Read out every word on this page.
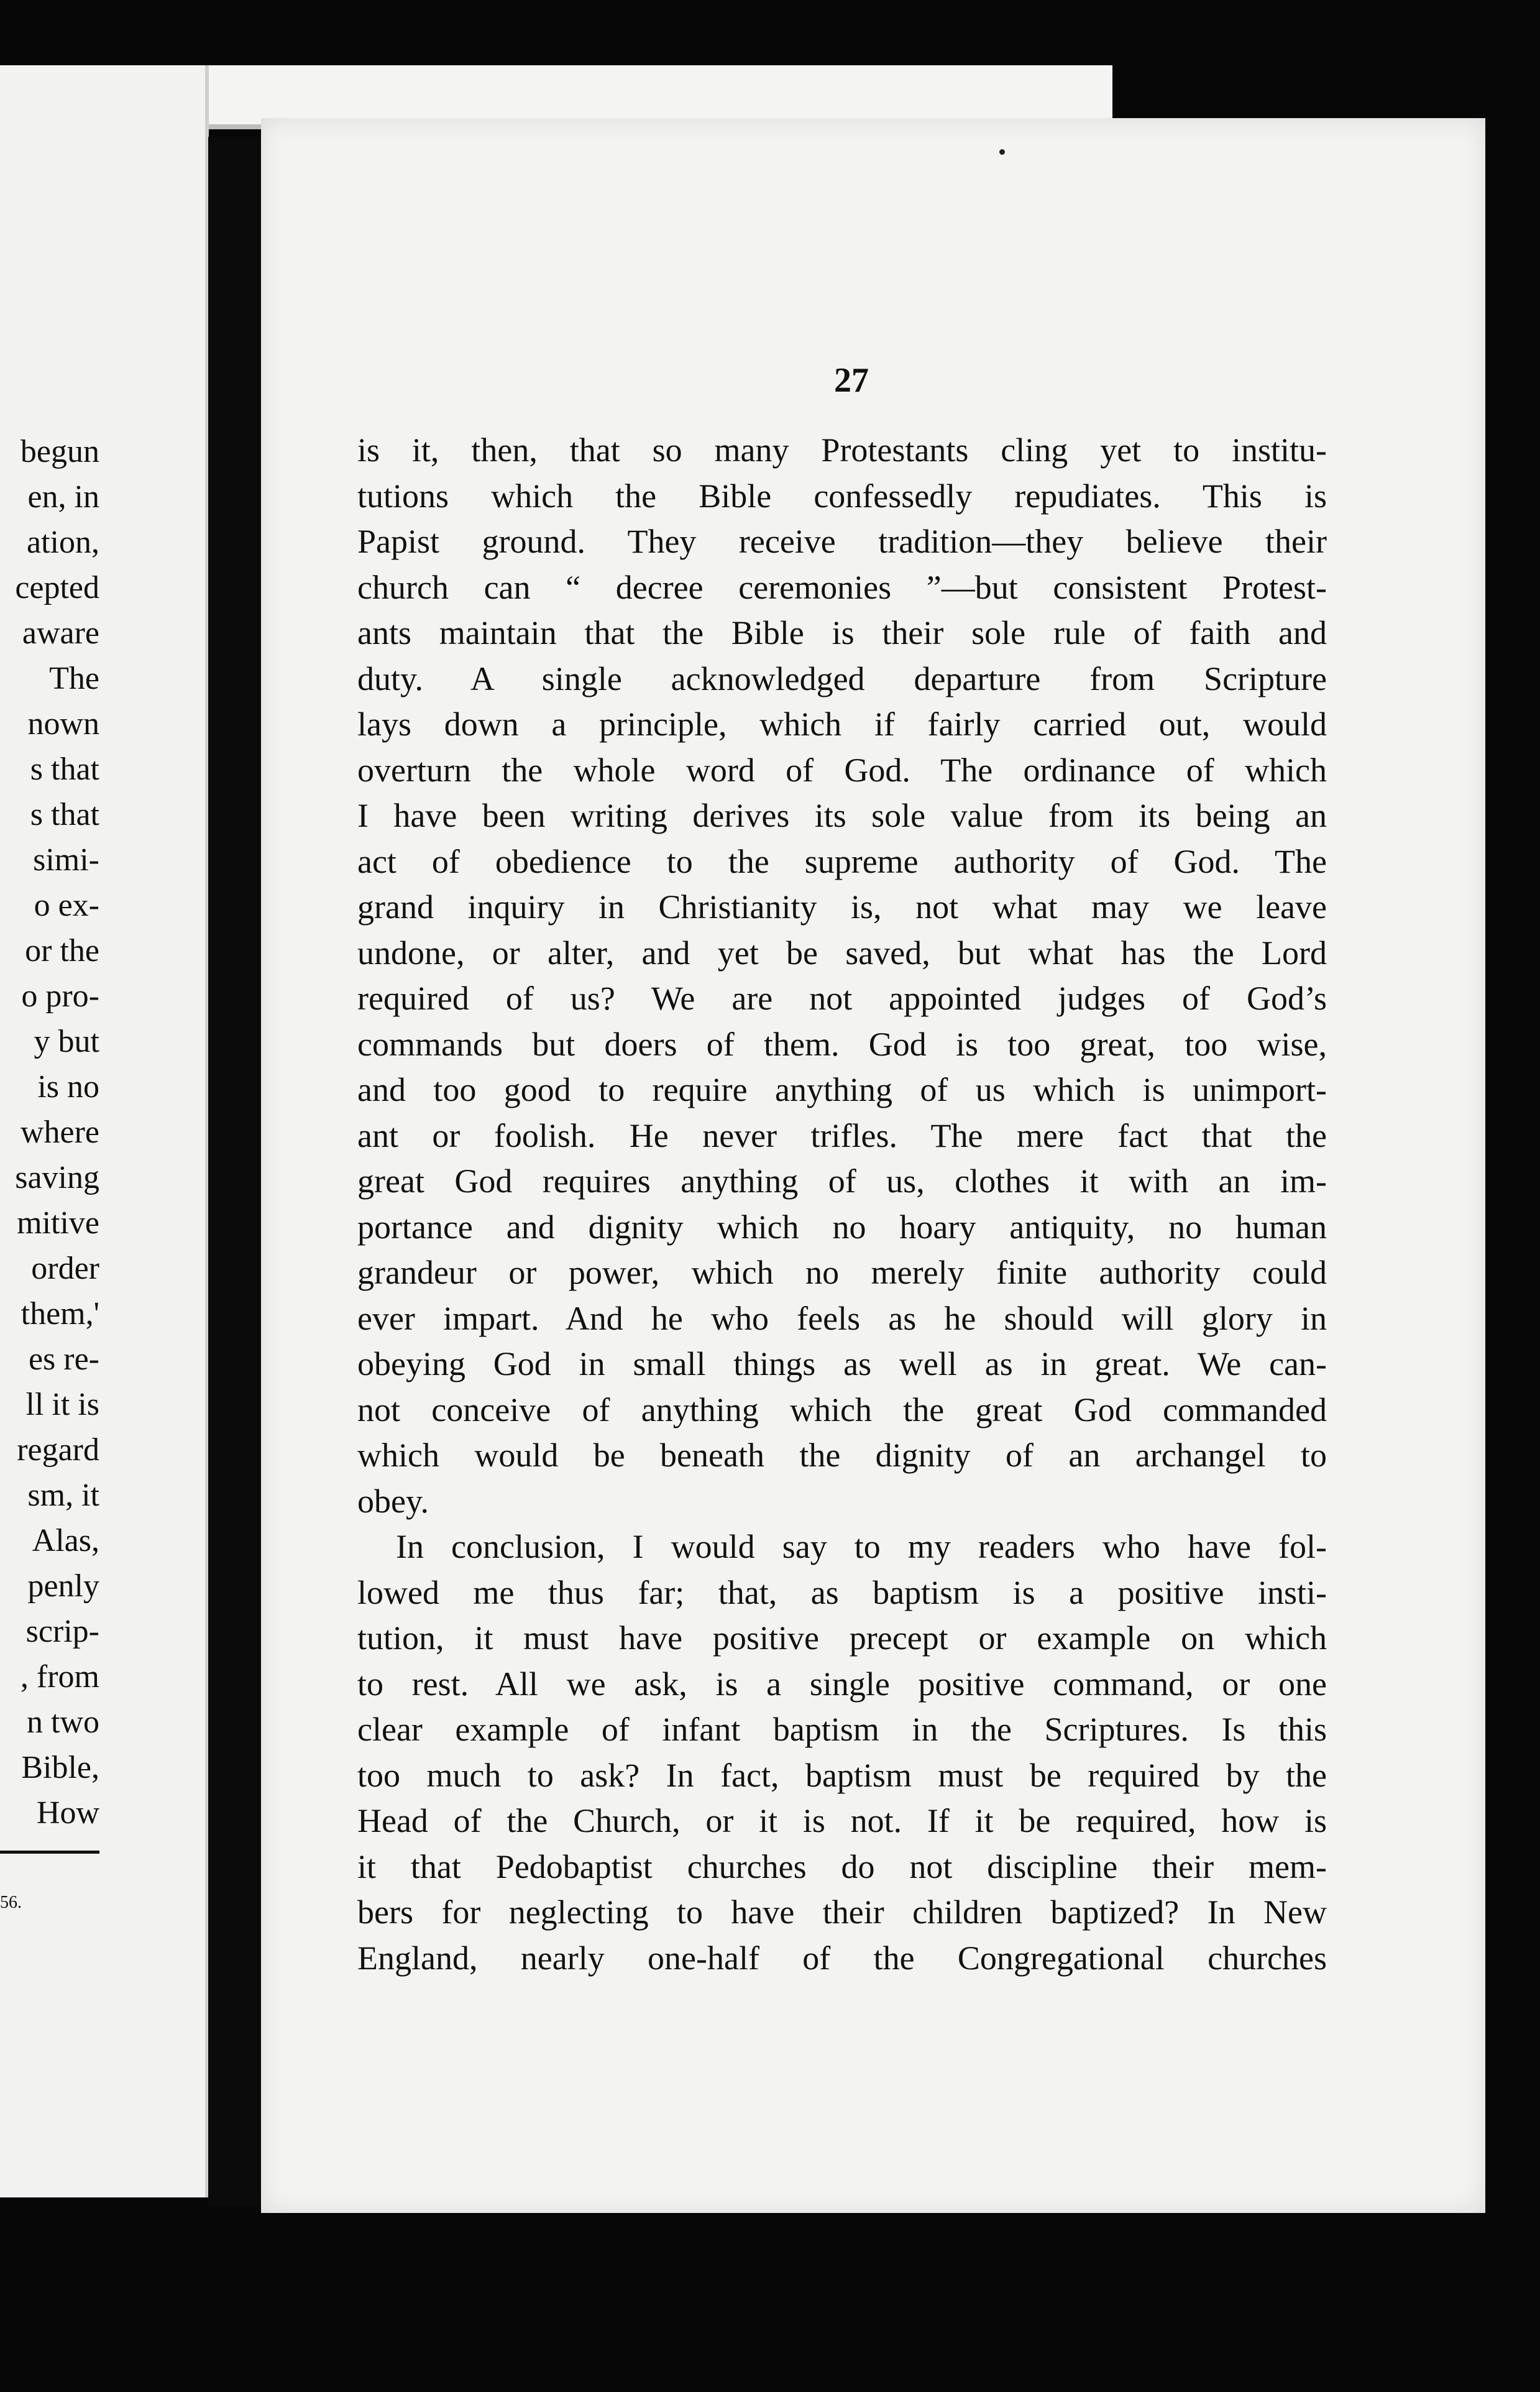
begun
en, in
ation,
cepted
aware
The
nown
s that
s that
simi-
o ex-
or the
o pro-
y but
is no
where
saving
mitive
order
them,'
es re-
ll it is
regard
sm, it
Alas,
penly
scrip-
, from
n two
Bible,
How
56.
27
is it, then, that so many Protestants cling yet to institu-
tutions which the Bible confessedly repudiates. This is
Papist ground. They receive tradition—they believe their
church can “ decree ceremonies ”—but consistent Protest-
ants maintain that the Bible is their sole rule of faith and
duty. A single acknowledged departure from Scripture
lays down a principle, which if fairly carried out, would
overturn the whole word of God. The ordinance of which
I have been writing derives its sole value from its being an
act of obedience to the supreme authority of God. The
grand inquiry in Christianity is, not what may we leave
undone, or alter, and yet be saved, but what has the Lord
required of us? We are not appointed judges of God’s
commands but doers of them. God is too great, too wise,
and too good to require anything of us which is unimport-
ant or foolish. He never trifles. The mere fact that the
great God requires anything of us, clothes it with an im-
portance and dignity which no hoary antiquity, no human
grandeur or power, which no merely finite authority could
ever impart. And he who feels as he should will glory in
obeying God in small things as well as in great. We can-
not conceive of anything which the great God commanded
which would be beneath the dignity of an archangel to
obey.
In conclusion, I would say to my readers who have fol-
lowed me thus far; that, as baptism is a positive insti-
tution, it must have positive precept or example on which
to rest. All we ask, is a single positive command, or one
clear example of infant baptism in the Scriptures. Is this
too much to ask? In fact, baptism must be required by the
Head of the Church, or it is not. If it be required, how is
it that Pedobaptist churches do not discipline their mem-
bers for neglecting to have their children baptized? In New
England, nearly one-half of the Congregational churches
